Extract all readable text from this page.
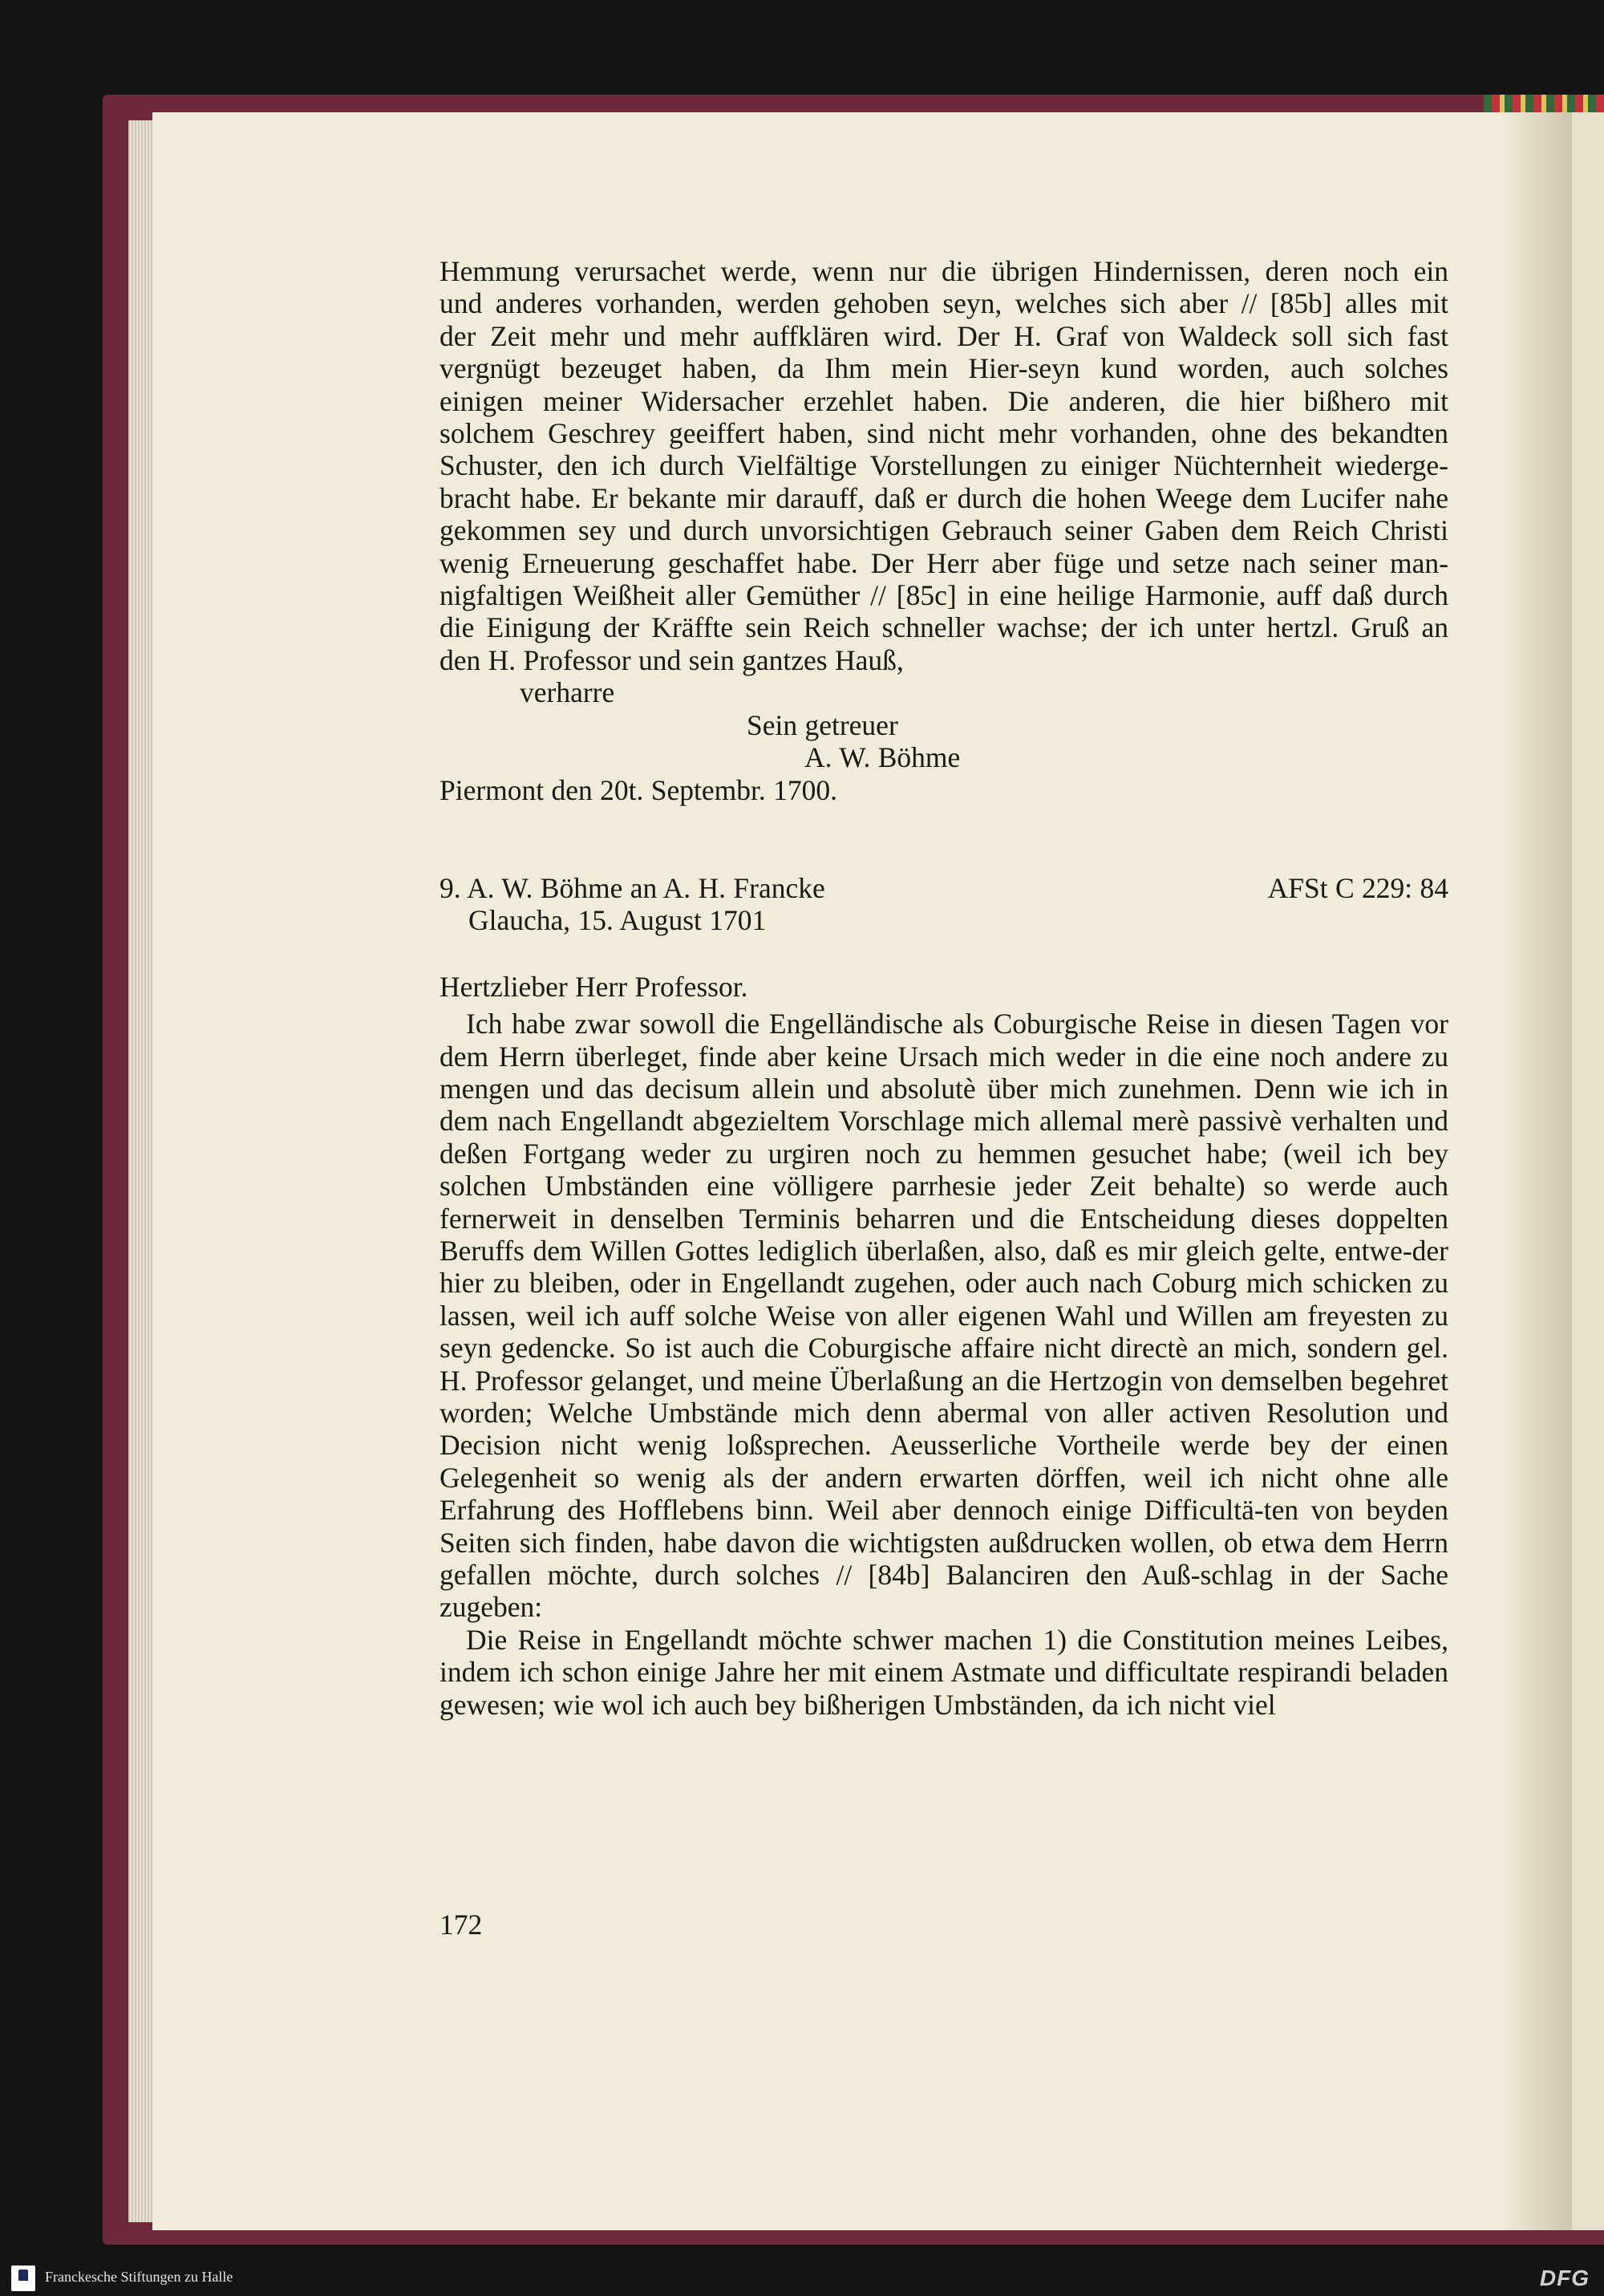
Hemmung verursachet werde, wenn nur die übrigen Hindernissen, deren noch ein
und anderes vorhanden, werden gehoben seyn, welches sich aber // [85b] alles mit
der Zeit mehr und mehr auffklären wird. Der H. Graf von Waldeck soll sich fast
vergnügt bezeuget haben, da Ihm mein Hier-seyn kund worden, auch solches
einigen meiner Widersacher erzehlet haben. Die anderen, die hier bißhero mit
solchem Geschrey geeiffert haben, sind nicht mehr vorhanden, ohne des bekandten
Schuster, den ich durch Vielfältige Vorstellungen zu einiger Nüchternheit wiederge-
bracht habe. Er bekante mir darauff, daß er durch die hohen Weege dem Lucifer nahe
gekommen sey und durch unvorsichtigen Gebrauch seiner Gaben dem Reich Christi
wenig Erneuerung geschaffet habe. Der Herr aber füge und setze nach seiner man-
nigfaltigen Weißheit aller Gemüther // [85c] in eine heilige Harmonie, auff daß durch
die Einigung der Kräffte sein Reich schneller wachse; der ich unter hertzl. Gruß an
den H. Professor und sein gantzes Hauß,
verharre
Sein getreuer
A. W. Böhme
Piermont den 20t. Septembr. 1700.
9. A. W. Böhme an A. H. Francke	AFSt C 229: 84
Glaucha, 15. August 1701
Hertzlieber Herr Professor.

Ich habe zwar sowoll die Engelländische als Coburgische Reise in diesen Tagen vor dem Herrn überleget, finde aber keine Ursach mich weder in die eine noch andere zu mengen und das decisum allein und absolutè über mich zunehmen. Denn wie ich in dem nach Engellandt abgezieltem Vorschlage mich allemal merè passivè verhalten und deßen Fortgang weder zu urgiren noch zu hemmen gesuchet habe; (weil ich bey solchen Umbständen eine völligere parrhesie jeder Zeit behalte) so werde auch fernerweit in denselben Terminis beharren und die Entscheidung dieses doppelten Beruffs dem Willen Gottes lediglich überlaßen, also, daß es mir gleich gelte, entwe-der hier zu bleiben, oder in Engellandt zugehen, oder auch nach Coburg mich schicken zu lassen, weil ich auff solche Weise von aller eigenen Wahl und Willen am freyesten zu seyn gedencke. So ist auch die Coburgische affaire nicht directè an mich, sondern gel. H. Professor gelanget, und meine Überlaßung an die Hertzogin von demselben begehret worden; Welche Umbstände mich denn abermal von aller activen Resolution und Decision nicht wenig loßsprechen. Aeusserliche Vortheile werde bey der einen Gelegenheit so wenig als der andern erwarten dörffen, weil ich nicht ohne alle Erfahrung des Hofflebens binn. Weil aber dennoch einige Difficultä-ten von beyden Seiten sich finden, habe davon die wichtigsten außdrucken wollen, ob etwa dem Herrn gefallen möchte, durch solches // [84b] Balanciren den Auß-schlag in der Sache zugeben:

Die Reise in Engellandt möchte schwer machen 1) die Constitution meines Leibes, indem ich schon einige Jahre her mit einem Astmate und difficultate respirandi beladen gewesen; wie wol ich auch bey bißherigen Umbständen, da ich nicht viel

172
Franckesche Stiftungen zu Halle	DFG
